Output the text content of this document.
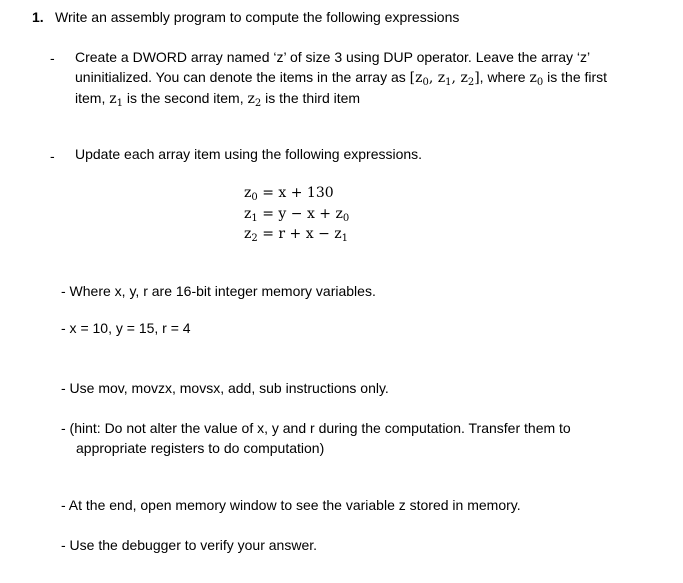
1. Write an assembly program to compute the following expressions
- Create a DWORD array named ‘z’ of size 3 using DUP operator. Leave the array ‘z’
uninitialized. You can denote the items in the array as [$z_0$, $z_1$, $z_2$], where $z_0$ is the first
item, $z_1$ is the second item, $z_2$ is the third item
- Update each array item using the following expressions.
$z_0 = x + 130$
$z_1 = y - x + z_0$
$z_2 = r + x - z_1$
- Where x, y, r are 16-bit integer memory variables.
- x = 10, y = 15, r = 4
- Use mov, movzx, movsx, add, sub instructions only.
- (hint: Do not alter the value of x, y and r during the computation. Transfer them to
appropriate registers to do computation)
- At the end, open memory window to see the variable z stored in memory.
- Use the debugger to verify your answer.
